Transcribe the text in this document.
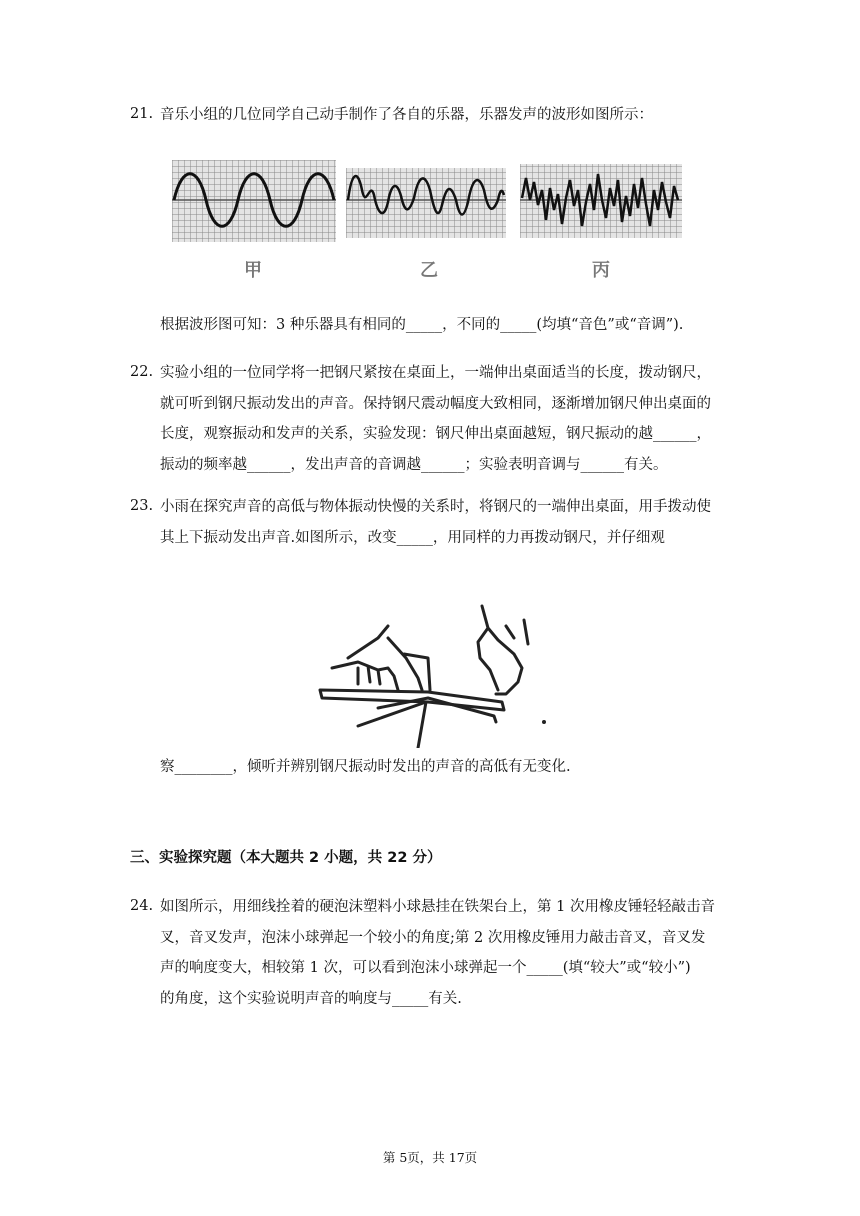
21. 音乐小组的几位同学自己动手制作了各自的乐器，乐器发声的波形如图所示：
甲	乙	丙
根据波形图可知：3 种乐器具有相同的_____，不同的_____(均填“音色”或“音调”).
22. 实验小组的一位同学将一把钢尺紧按在桌面上，一端伸出桌面适当的长度，拨动钢尺，
就可听到钢尺振动发出的声音。保持钢尺震动幅度大致相同，逐渐增加钢尺伸出桌面的
长度，观察振动和发声的关系，实验发现：钢尺伸出桌面越短，钢尺振动的越______，
振动的频率越______，发出声音的音调越______；实验表明音调与______有关。
23. 小雨在探究声音的高低与物体振动快慢的关系时，将钢尺的一端伸出桌面，用手拨动使
其上下振动发出声音.如图所示，改变_____，用同样的力再拨动钢尺，并仔细观
察________，倾听并辨别钢尺振动时发出的声音的高低有无变化.
三、实验探究题（本大题共 2 小题，共 22 分）
24. 如图所示，用细线拴着的硬泡沫塑料小球悬挂在铁架台上，第 1 次用橡皮锤轻轻敲击音
叉，音叉发声，泡沫小球弹起一个较小的角度;第 2 次用橡皮锤用力敲击音叉，音叉发
声的响度变大，相较第 1 次，可以看到泡沫小球弹起一个_____(填“较大”或“较小”)
的角度，这个实验说明声音的响度与_____有关.
第 5页，共 17页
